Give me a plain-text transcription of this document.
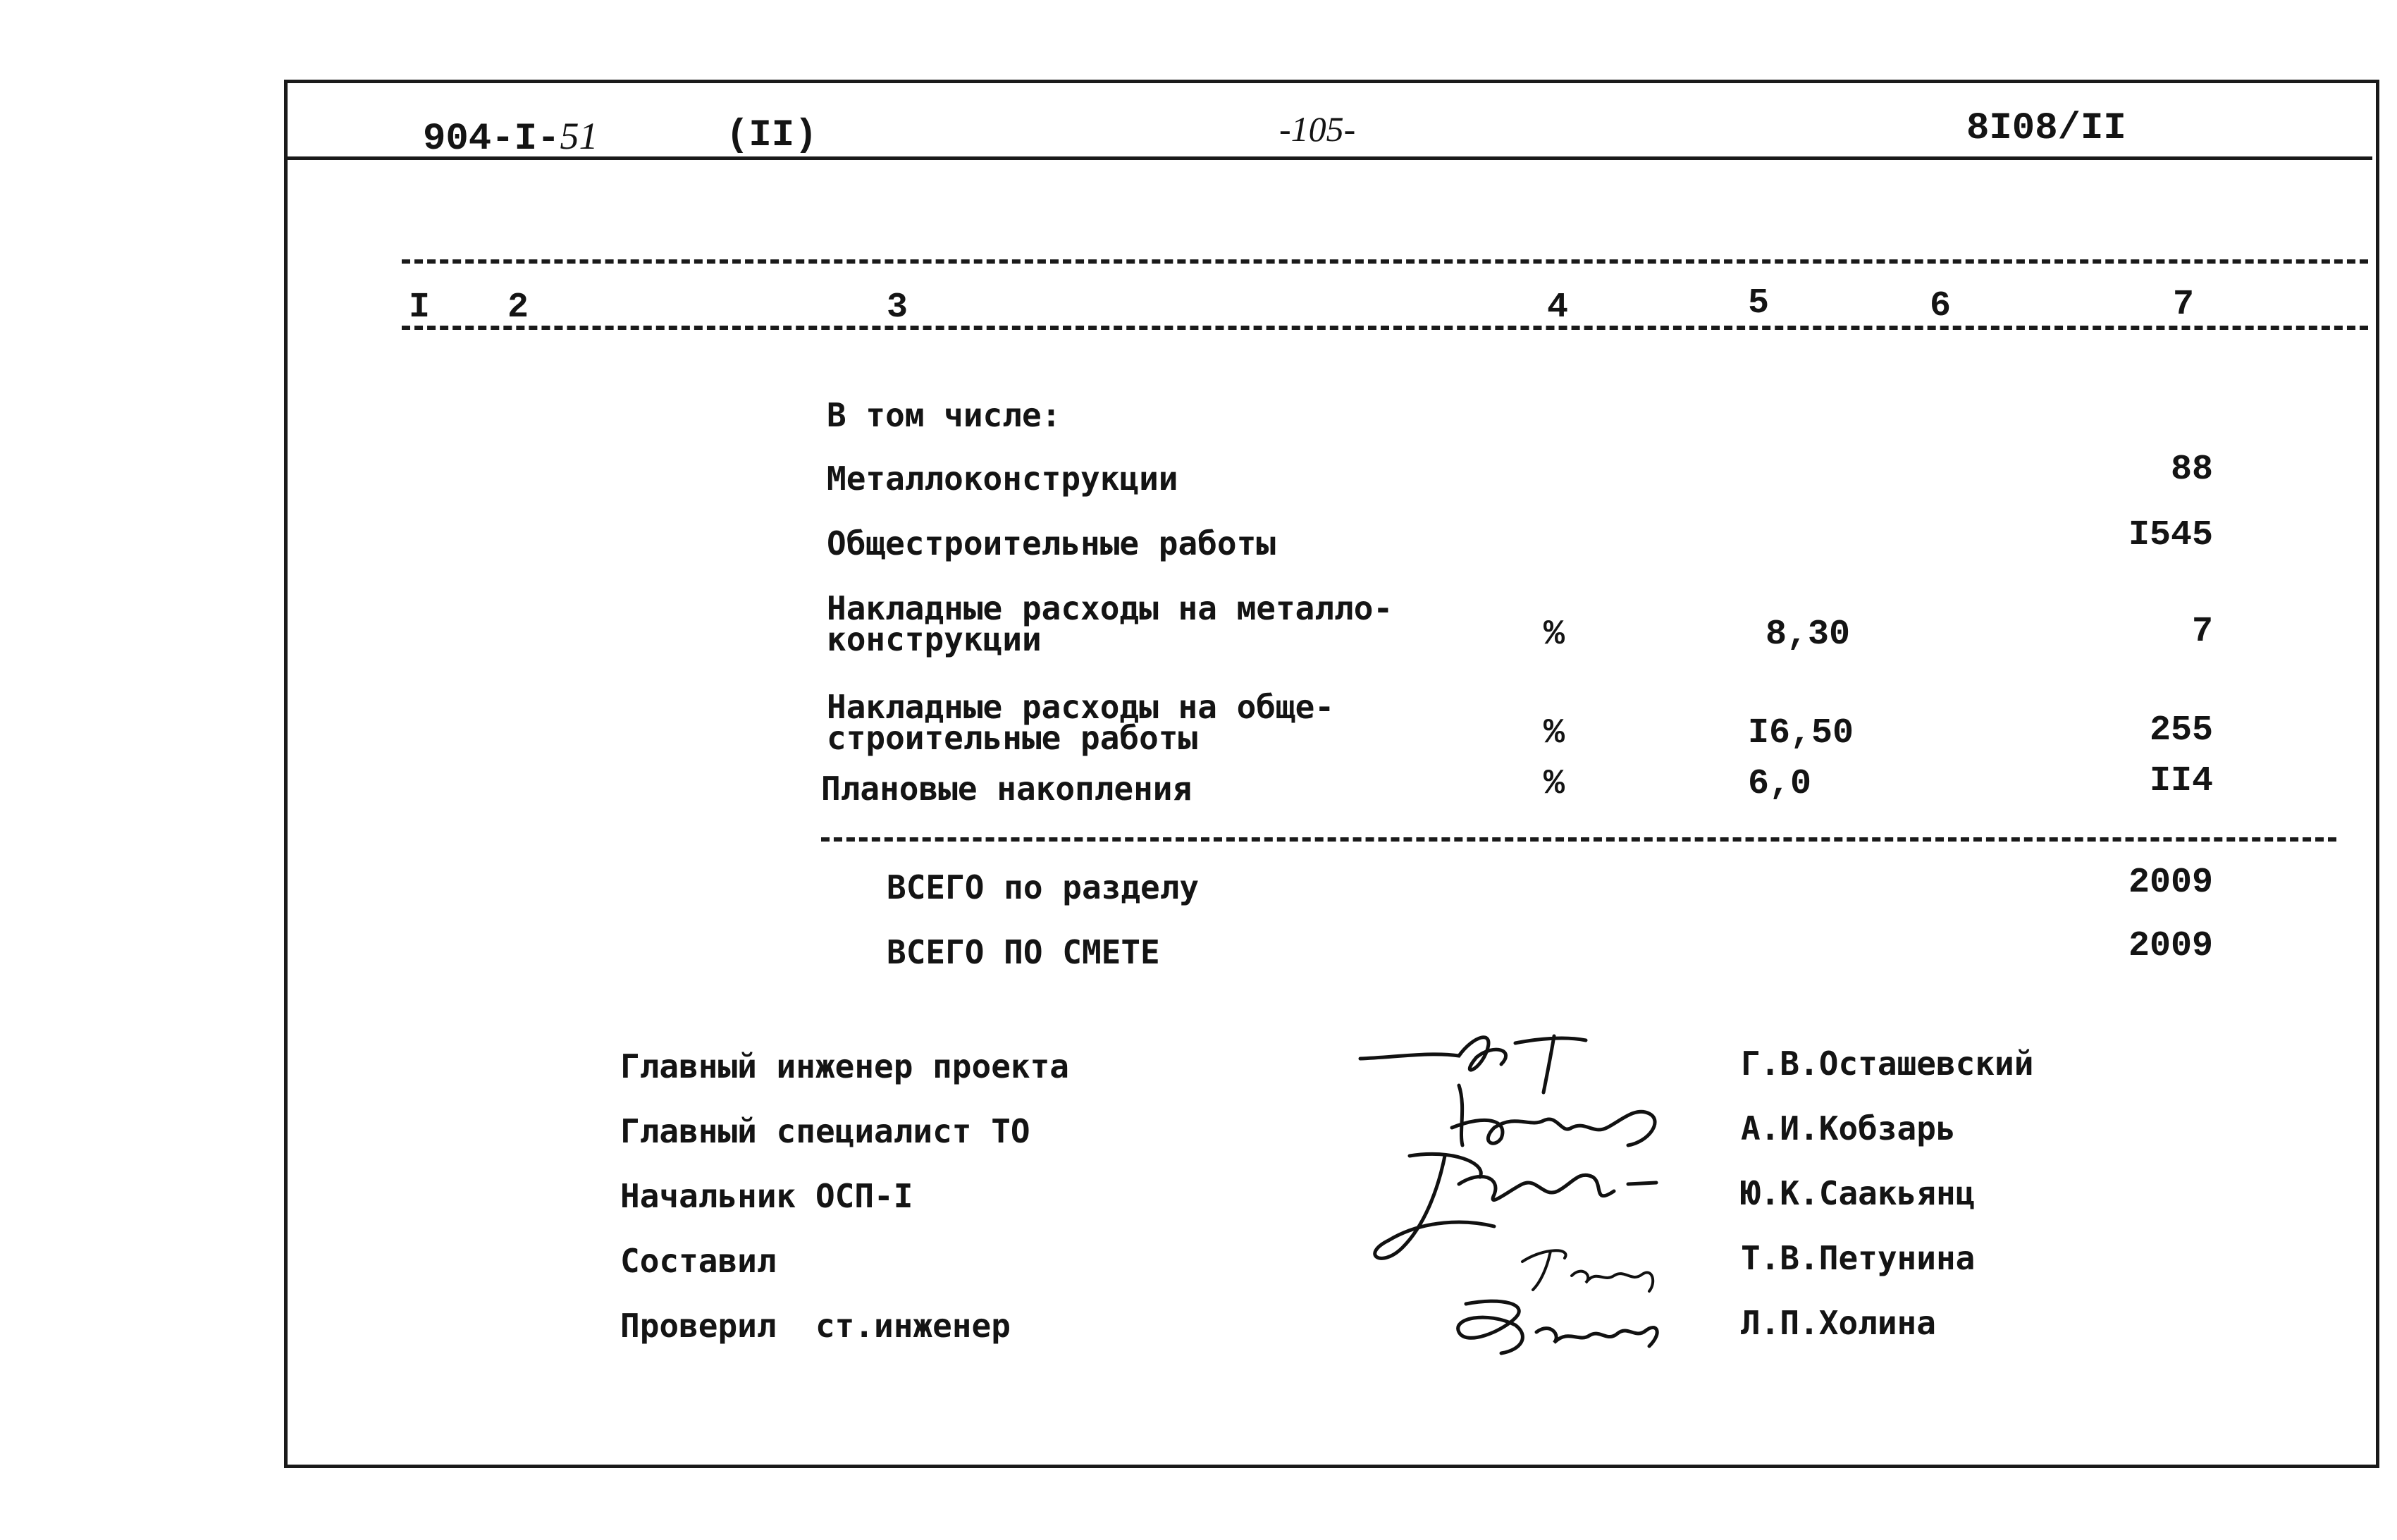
904-I-51	(II)	-105-	8I08/II
I 2	3	4	5	6	7
В том числе:
Металлоконструкции	88
Общестроительные работы	I545
Накладные расходы на металло-
конструкции	%	8,30	7
Накладные расходы на обще-
строительные работы	%	I6,50	255
Плановые накопления	%	6,0	II4
ВСЕГО по разделу	2009
ВСЕГО ПО СМЕТЕ	2009
Главный инженер проекта	Г.В.Осташевский
Главный специалист ТО	А.И.Кобзарь
Начальник ОСП-I	Ю.К.Саакьянц
Составил	Т.В.Петунина
Проверил  ст.инженер	Л.П.Холина
